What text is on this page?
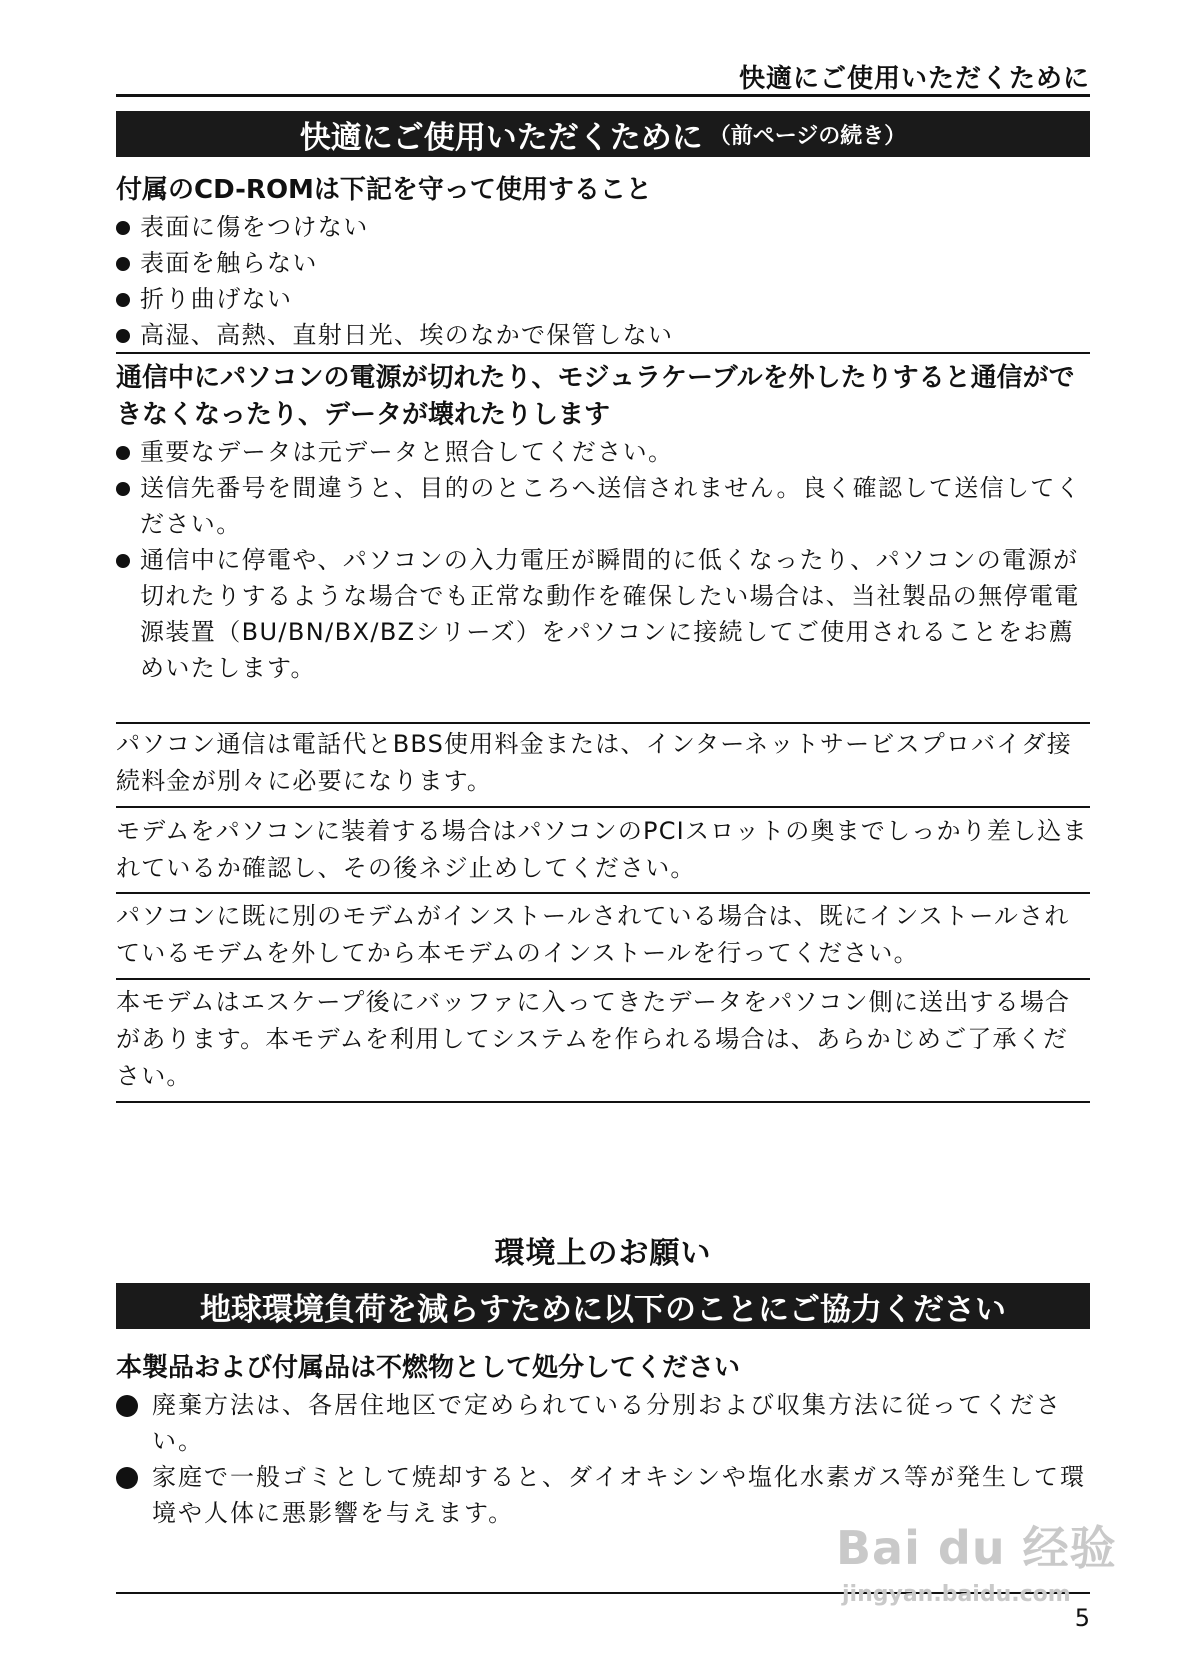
快適にご使用いただくために
快適にご使用いただくために （前ページの続き）
付属のCD-ROMは下記を守って使用すること
表面に傷をつけない
表面を触らない
折り曲げない
高湿、高熱、直射日光、埃のなかで保管しない
通信中にパソコンの電源が切れたり、モジュラケーブルを外したりすると通信ができなくなったり、データが壊れたりします
重要なデータは元データと照合してください。
送信先番号を間違うと、目的のところへ送信されません。良く確認して送信してください。
通信中に停電や、パソコンの入力電圧が瞬間的に低くなったり、パソコンの電源が切れたりするような場合でも正常な動作を確保したい場合は、当社製品の無停電電源装置（BU/BN/BX/BZシリーズ）をパソコンに接続してご使用されることをお薦めいたします。

パソコン通信は電話代とBBS使用料金または、インターネットサービスプロバイダ接続料金が別々に必要になります。

モデムをパソコンに装着する場合はパソコンのPCIスロットの奥までしっかり差し込まれているか確認し、その後ネジ止めしてください。

パソコンに既に別のモデムがインストールされている場合は、既にインストールされているモデムを外してから本モデムのインストールを行ってください。

本モデムはエスケープ後にバッファに入ってきたデータをパソコン側に送出する場合があります。本モデムを利用してシステムを作られる場合は、あらかじめご了承ください。

環境上のお願い
地球環境負荷を減らすために以下のことにご協力ください
本製品および付属品は不燃物として処分してください
廃棄方法は、各居住地区で定められている分別および収集方法に従ってください。
家庭で一般ゴミとして焼却すると、ダイオキシンや塩化水素ガス等が発生して環境や人体に悪影響を与えます。
5
Bai du 经验
jingyan.baidu.com
